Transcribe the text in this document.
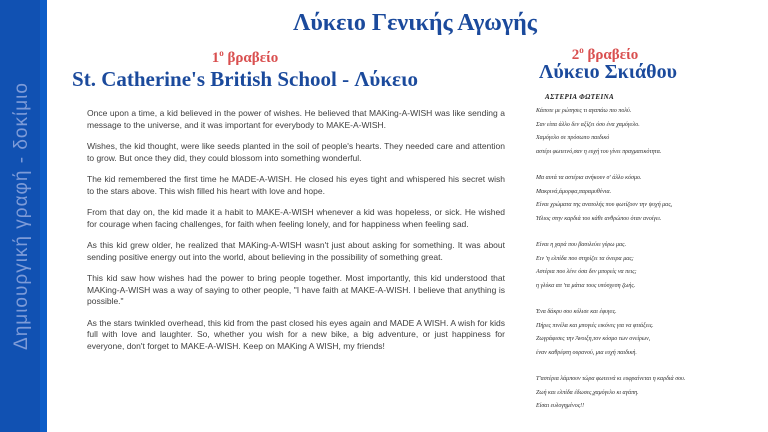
Δημιουργική γραφή - δοκίμιο
Λύκειο Γενικής Αγωγής
$1^o$ βραβείο
St. Catherine's British School - Λύκειο

Once upon a time, a kid believed in the power of wishes. He believed that MAKing-A-WISH was like sending a message to the universe, and it was important for everybody to MAKE-A-WISH.

Wishes, the kid thought, were like seeds planted in the soil of people's hearts. They needed care and attention to grow. But once they did, they could blossom into something wonderful.

The kid remembered the first time he MADE-A-WISH. He closed his eyes tight and whispered his secret wish to the stars above. This wish filled his heart with love and hope.

From that day on, the kid made it a habit to MAKE-A-WISH whenever a kid was hopeless, or sick. He wished for courage when facing challenges, for faith when feeling lonely, and for happiness when feeling sad.

As this kid grew older, he realized that MAKing-A-WISH wasn't just about asking for something. It was about sending positive energy out into the world, about believing in the possibility of something great.

This kid saw how wishes had the power to bring people together. Most importantly, this kid understood that MAKing-A-WISH was a way of saying to other people, "I have faith at MAKE-A-WISH. I believe that anything is possible."

As the stars twinkled overhead, this kid from the past closed his eyes again and MADE A WISH. A wish for kids full with love and laughter. So, whether you wish for a new bike, a big adventure, or just happiness for everyone, don't forget to MAKE-A-WISH. Keep on MAKing A WISH, my friends!

$2^o$ βραβείο
Λύκειο Σκιάθου
ΑΣΤΕΡΙΑ ΦΩΤΕΙΝΑ
Κάποτε με ρώτησες τι αγαπάω πιο πολύ.
Σαν είπα άλλο δεν αξίζει όσο ένα χαμόγελο.
Χαμόγελο σε πρόσωπο παιδικό
αστέρι φωτεινό,σαν η ευχή του γίνει πραγματικότητα.
Μα αυτά τα αστέρια ανήκουν σ' άλλο κόσμο.
Μακρινά,άμορφα,παραμυθένια.
Είναι χρώματα της ανατολής που φωτίζουν την ψυχή μας,
Ήλιος στην καρδιά του κάθε ανθρώπου όταν ανοίγει.
Είναι η χαρά που βασιλεύει γύρω μας.
Ειν 'η ελπίδα που στηρίζει τα όνειρα μας;
Αστέρια που λένε όσα δεν μπορείς να πεις;
η γλύκα απ 'τα μάτια τους υπόσχεση ζωής.
Ένα δάκρυ σου κύλισε και έφυγες.
Πήρες πινέλα και μπογιές εικόνες για να φτιάξεις.
Ζωγράφισες την Άνοιξη,τον κόσμο των ονείρων,
έναν καθρέφτη ουρανού, μια ευχή παιδική.
Τ'αστέρια λάμπουν τώρα φωτεινά κι ευφραίνεται η καρδιά σου.
Ζωή και ελπίδα έδωσες,χαμόγελο κι αγάπη.
Είσαι ευλογημένος!!
